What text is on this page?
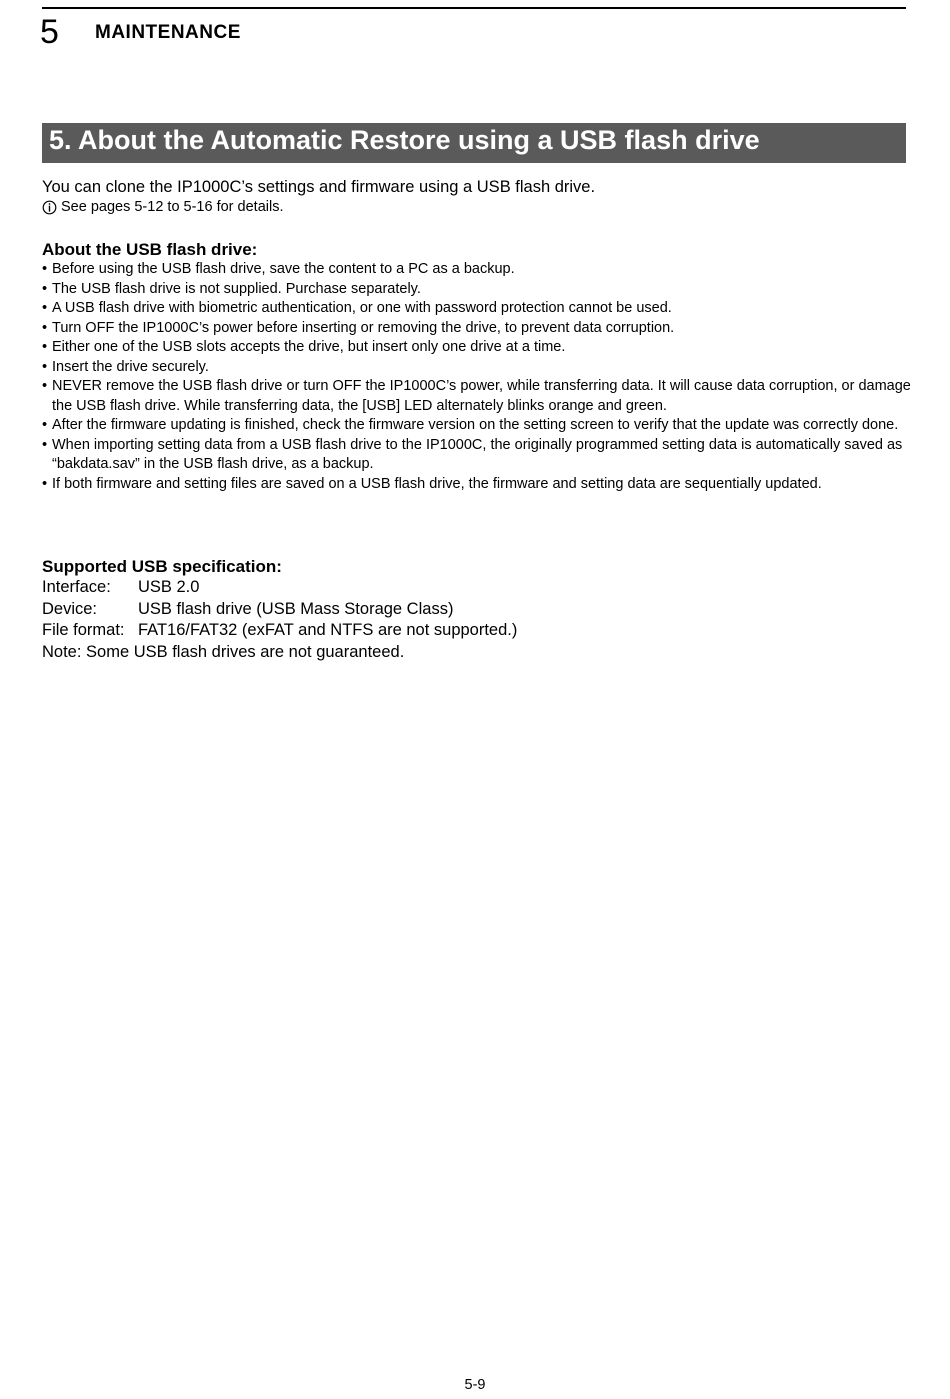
5 MAINTENANCE
5. About the Automatic Restore using a USB flash drive
You can clone the IP1000C’s settings and firmware using a USB flash drive.
See pages 5-12 to 5-16 for details.
About the USB flash drive:
• Before using the USB flash drive, save the content to a PC as a backup.
• The USB flash drive is not supplied. Purchase separately.
• A USB flash drive with biometric authentication, or one with password protection cannot be used.
• Turn OFF the IP1000C’s power before inserting or removing the drive, to prevent data corruption.
• Either one of the USB slots accepts the drive, but insert only one drive at a time.
• Insert the drive securely.
• NEVER remove the USB flash drive or turn OFF the IP1000C’s power, while transferring data. It will cause data corruption, or damage the USB flash drive. While transferring data, the [USB] LED alternately blinks orange and green.
• After the firmware updating is finished, check the firmware version on the setting screen to verify that the update was correctly done.
• When importing setting data from a USB flash drive to the IP1000C, the originally programmed setting data is automatically saved as “bakdata.sav” in the USB flash drive, as a backup.
• If both firmware and setting files are saved on a USB flash drive, the firmware and setting data are sequentially updated.
Supported USB specification:
Interface:	USB 2.0
Device:	USB flash drive (USB Mass Storage Class)
File format: FAT16/FAT32 (exFAT and NTFS are not supported.)
Note: Some USB flash drives are not guaranteed.
5-9
